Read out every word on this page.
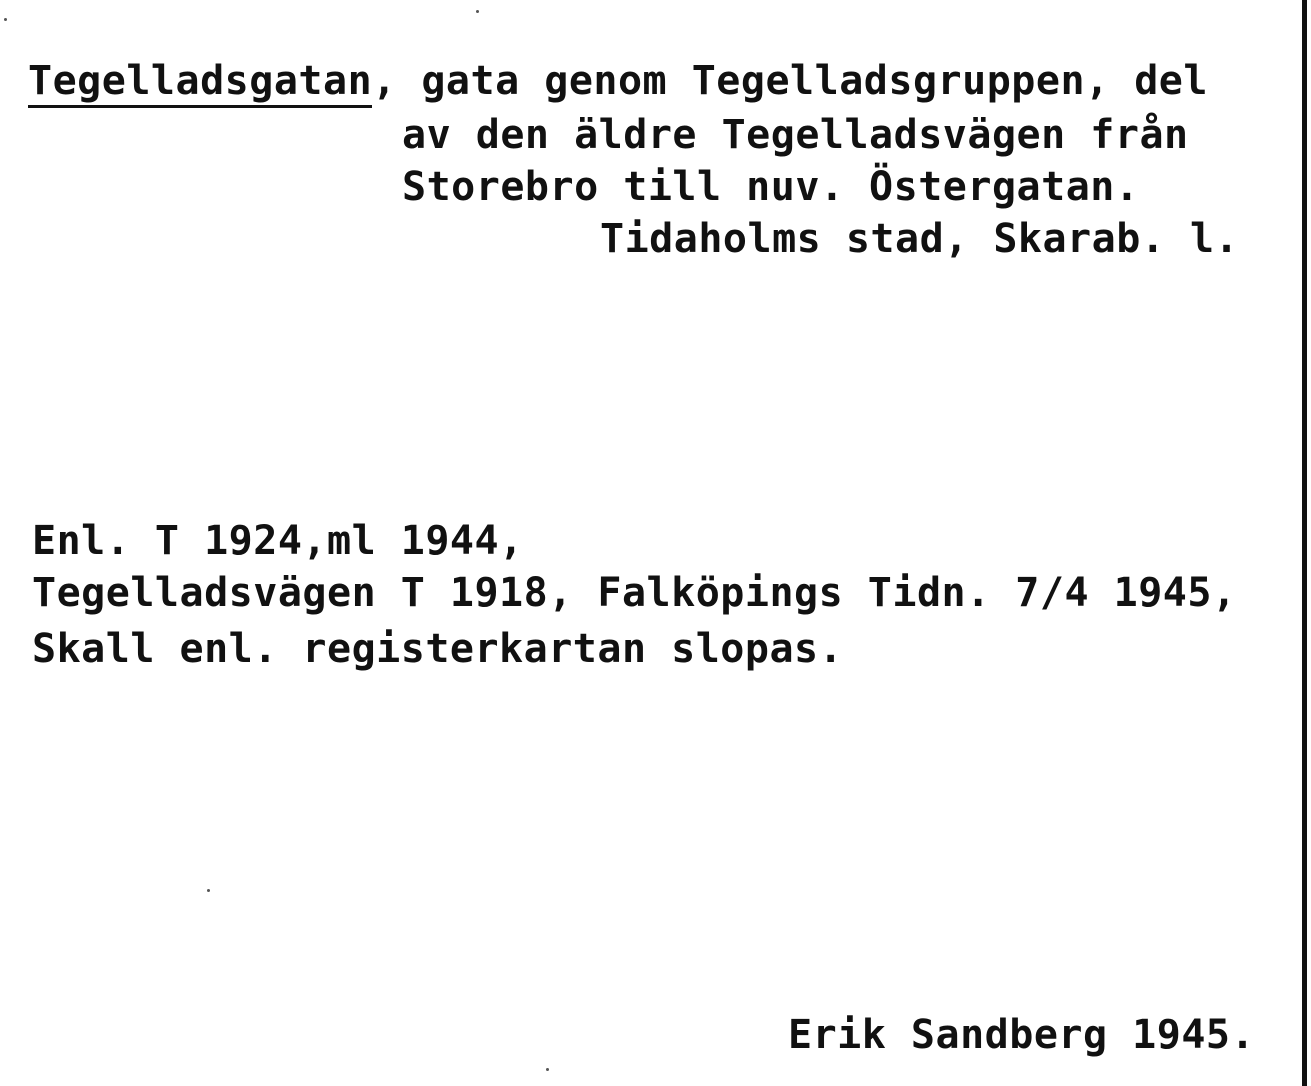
Tegelladsgatan, gata genom Tegelladsgruppen, del
av den äldre Tegelladsvägen från
Storebro till nuv. Östergatan.
Tidaholms stad, Skarab. l.
Enl. T 1924,ml 1944,
Tegelladsvägen T 1918, Falköpings Tidn. 7/4 1945,
Skall enl. registerkartan slopas.
Erik Sandberg 1945.
